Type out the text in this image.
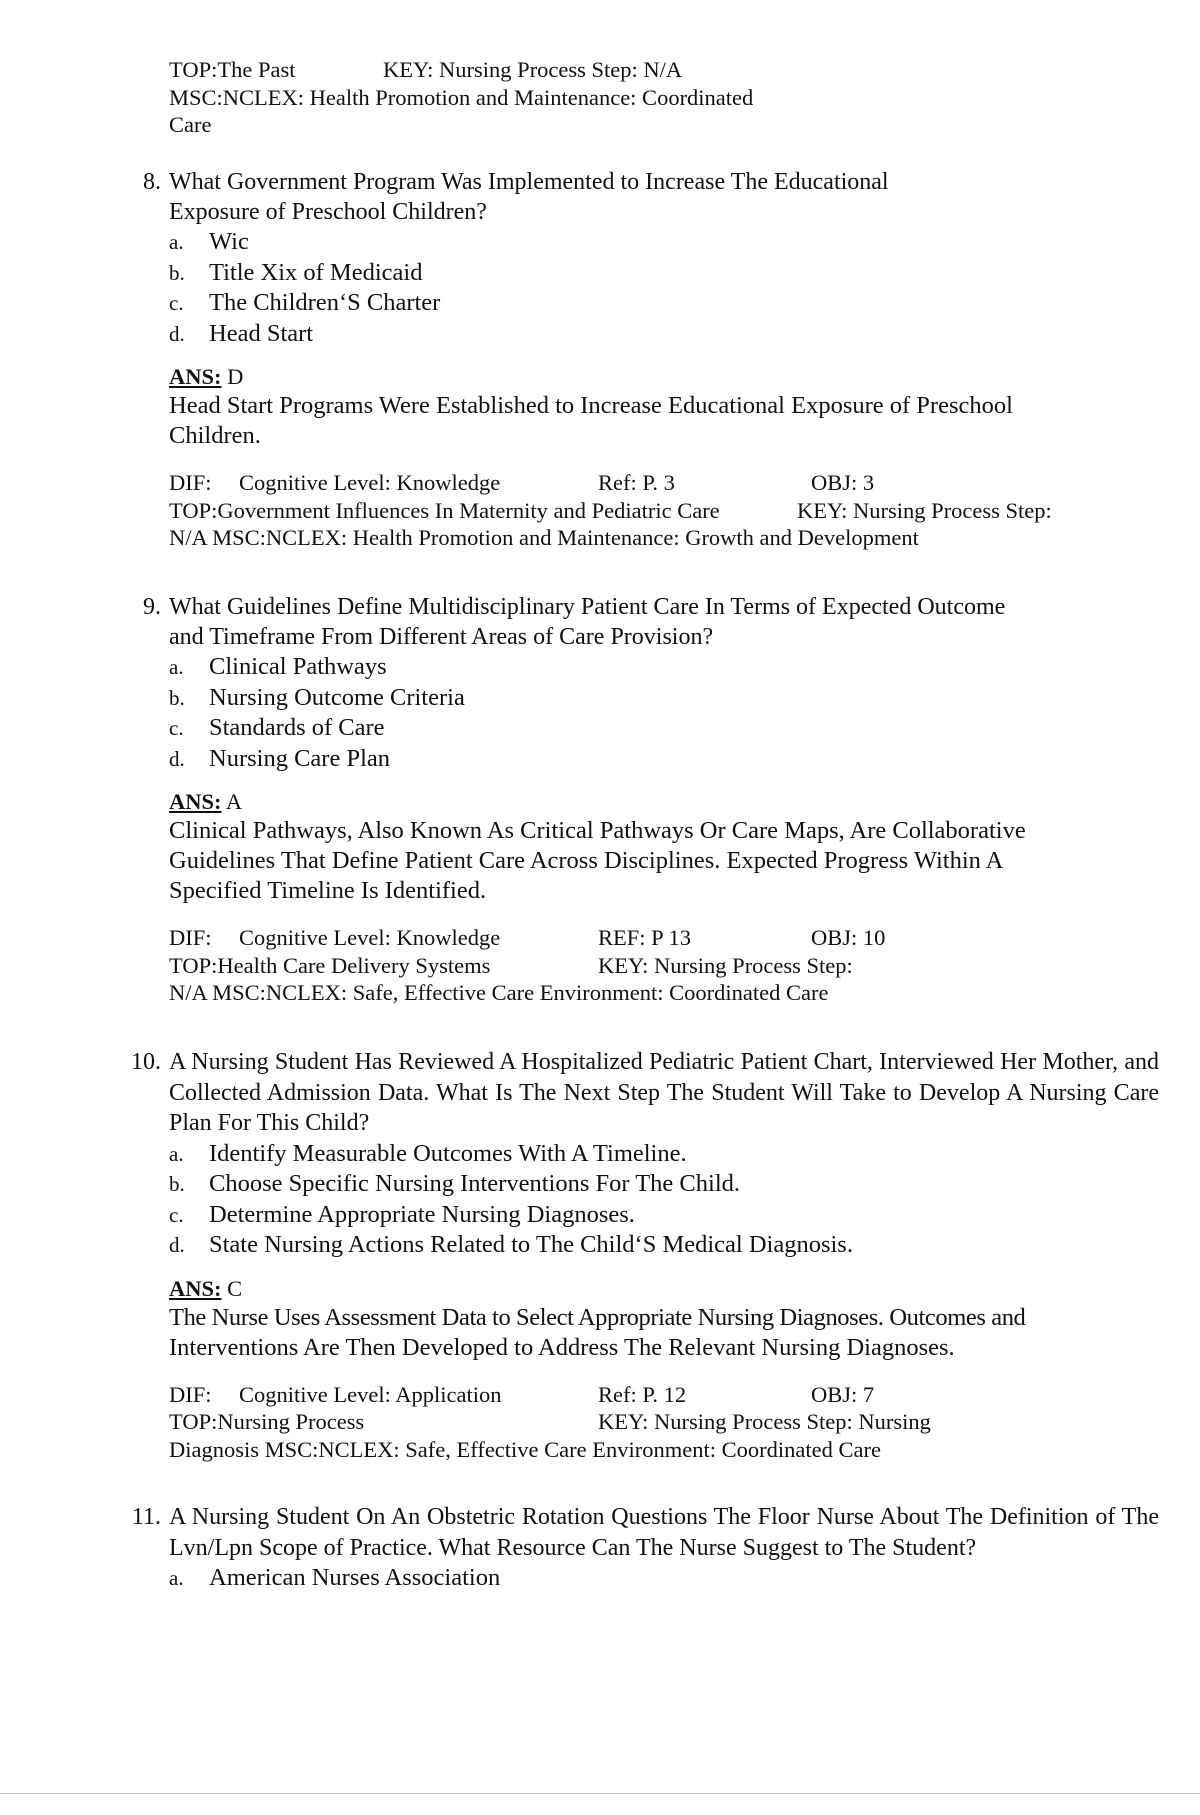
TOP:The Past	KEY: Nursing Process Step: N/A
MSC:NCLEX: Health Promotion and Maintenance: Coordinated
Care
8. What Government Program Was Implemented to Increase The Educational
Exposure of Preschool Children?
a. Wic
b. Title Xix of Medicaid
c. The Children‘S Charter
d. Head Start
ANS: D
Head Start Programs Were Established to Increase Educational Exposure of Preschool
Children.
DIF: Cognitive Level: Knowledge	Ref: P. 3	OBJ: 3
TOP:Government Influences In Maternity and Pediatric Care	KEY: Nursing Process Step:
N/A MSC:NCLEX: Health Promotion and Maintenance: Growth and Development
9. What Guidelines Define Multidisciplinary Patient Care In Terms of Expected Outcome
and Timeframe From Different Areas of Care Provision?
a. Clinical Pathways
b. Nursing Outcome Criteria
c. Standards of Care
d. Nursing Care Plan
ANS: A
Clinical Pathways, Also Known As Critical Pathways Or Care Maps, Are Collaborative
Guidelines That Define Patient Care Across Disciplines. Expected Progress Within A
Specified Timeline Is Identified.
DIF: Cognitive Level: Knowledge	REF: P 13	OBJ: 10
TOP:Health Care Delivery Systems	KEY: Nursing Process Step:
N/A MSC:NCLEX: Safe, Effective Care Environment: Coordinated Care
10. A Nursing Student Has Reviewed A Hospitalized Pediatric Patient Chart, Interviewed Her Mother, and Collected Admission Data. What Is The Next Step The Student Will Take to Develop A Nursing Care Plan For This Child?
a. Identify Measurable Outcomes With A Timeline.
b. Choose Specific Nursing Interventions For The Child.
c. Determine Appropriate Nursing Diagnoses.
d. State Nursing Actions Related to The Child‘S Medical Diagnosis.
ANS: C
The Nurse Uses Assessment Data to Select Appropriate Nursing Diagnoses. Outcomes and
Interventions Are Then Developed to Address The Relevant Nursing Diagnoses.
DIF: Cognitive Level: Application	Ref: P. 12	OBJ: 7
TOP:Nursing Process	KEY: Nursing Process Step: Nursing
Diagnosis MSC:NCLEX: Safe, Effective Care Environment: Coordinated Care
11. A Nursing Student On An Obstetric Rotation Questions The Floor Nurse About The Definition of The Lvn/Lpn Scope of Practice. What Resource Can The Nurse Suggest to The Student?
a. American Nurses Association
